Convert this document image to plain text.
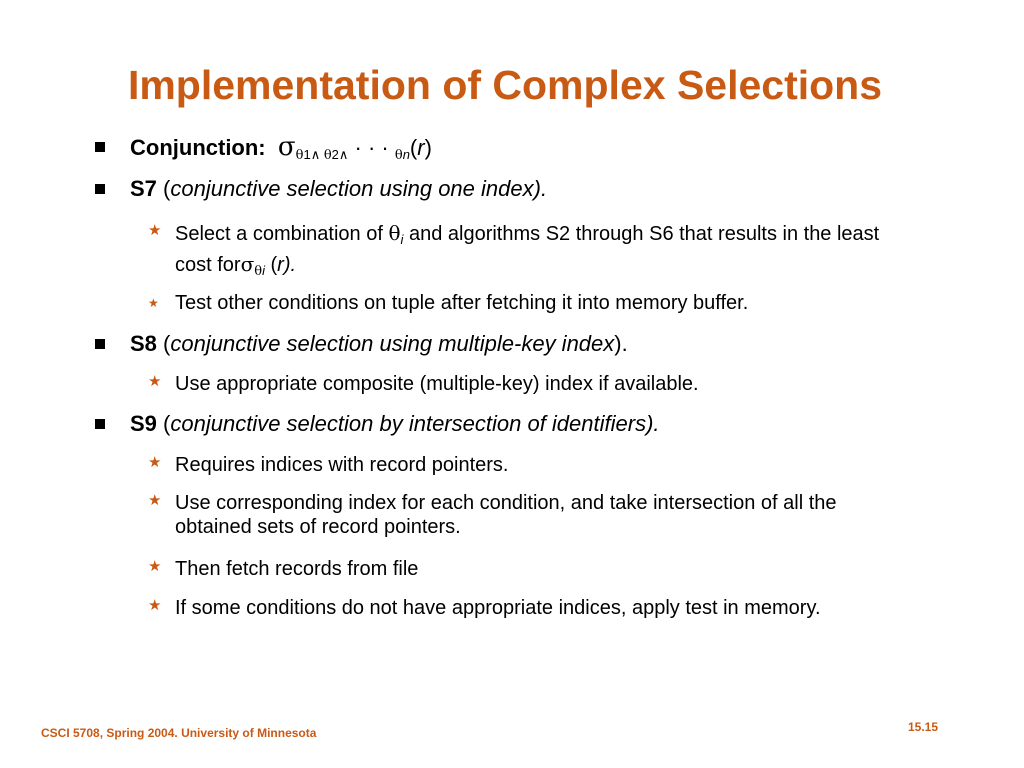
Implementation of Complex Selections
Conjunction: $\sigma_{\theta 1\wedge \theta 2\wedge}$ · · · $_{\theta n}$(r)
S7 (conjunctive selection using one index).
★ Select a combination of $\theta_i$ and algorithms S2 through S6 that results in the least cost forσ$_{\theta i}$ (r).
★ Test other conditions on tuple after fetching it into memory buffer.
S8 (conjunctive selection using multiple-key index).
★ Use appropriate composite (multiple-key) index if available.
S9 (conjunctive selection by intersection of identifiers).
★ Requires indices with record pointers.
★ Use corresponding index for each condition, and take intersection of all the obtained sets of record pointers.
★ Then fetch records from file
★ If some conditions do not have appropriate indices, apply test in memory.
CSCI 5708, Spring 2004. University of Minnesota	15.15
